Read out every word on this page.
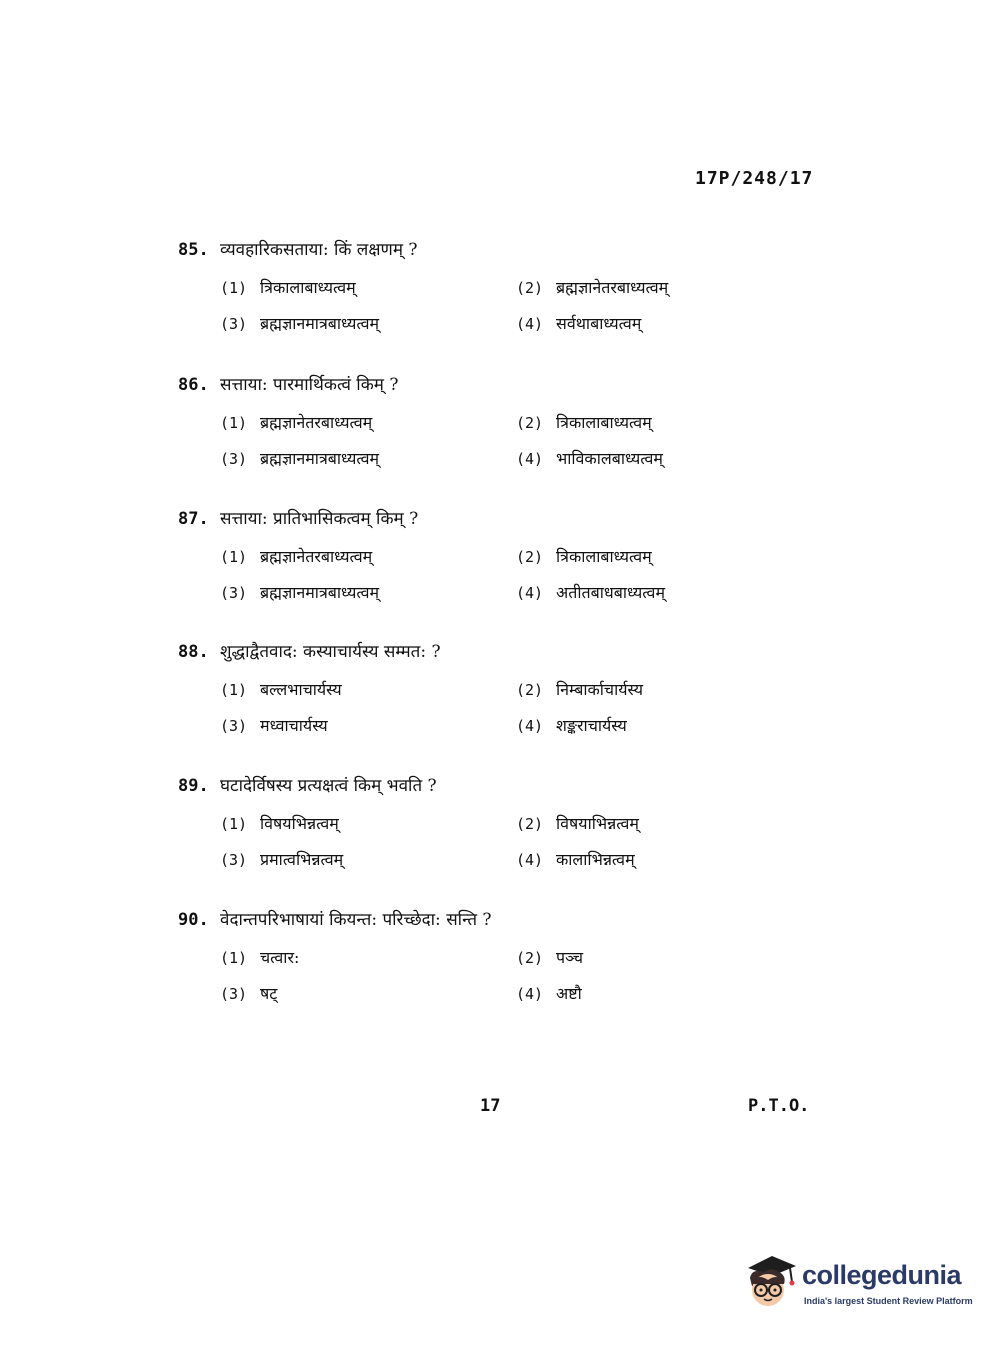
17P/248/17
85. व्यवहारिकसताया: किं लक्षणम् ?
(1) त्रिकालाबाध्यत्वम्	(2) ब्रह्मज्ञानेतरबाध्यत्वम्
(3) ब्रह्मज्ञानमात्रबाध्यत्वम्	(4) सर्वथाबाध्यत्वम्
86. सत्ताया: पारमार्थिकत्वं किम् ?
(1) ब्रह्मज्ञानेतरबाध्यत्वम्	(2) त्रिकालाबाध्यत्वम्
(3) ब्रह्मज्ञानमात्रबाध्यत्वम्	(4) भाविकालबाध्यत्वम्
87. सत्ताया: प्रातिभासिकत्वम् किम् ?
(1) ब्रह्मज्ञानेतरबाध्यत्वम्	(2) त्रिकालाबाध्यत्वम्
(3) ब्रह्मज्ञानमात्रबाध्यत्वम्	(4) अतीतबाधबाध्यत्वम्
88. शुद्धाद्वैतवाद: कस्याचार्यस्य सम्मत: ?
(1) बल्लभाचार्यस्य	(2) निम्बार्काचार्यस्य
(3) मध्वाचार्यस्य	(4) शङ्कराचार्यस्य
89. घटादेर्विषस्य प्रत्यक्षत्वं किम् भवति ?
(1) विषयभिन्नत्वम्	(2) विषयाभिन्नत्वम्
(3) प्रमात्वभिन्नत्वम्	(4) कालाभिन्नत्वम्
90. वेदान्तपरिभाषायां कियन्त: परिच्छेदा: सन्ति ?
(1) चत्वार:	(2) पञ्च
(3) षट्	(4) अष्टौ
17	P.T.O.
collegedunia
India's largest Student Review Platform
